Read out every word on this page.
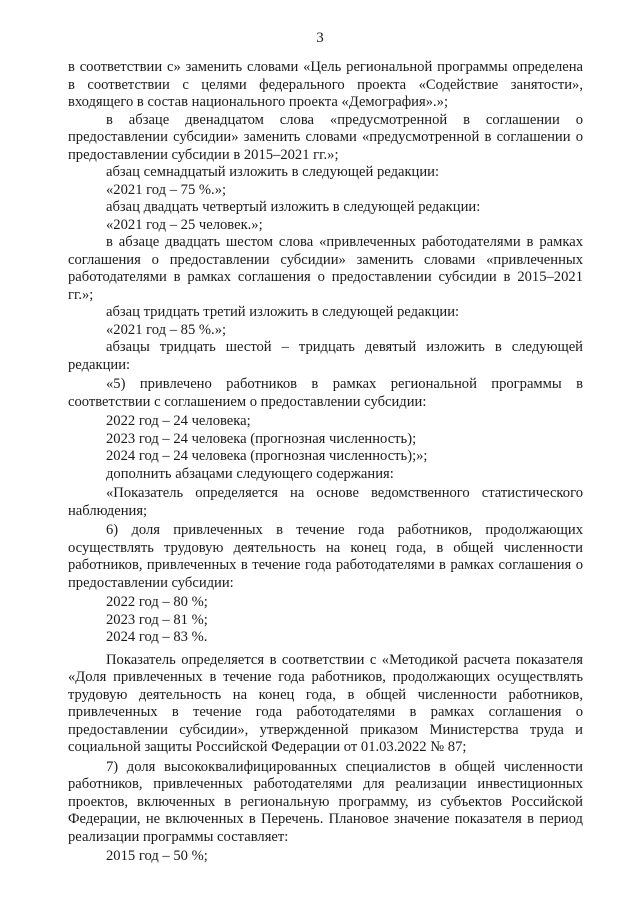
3

в соответствии с» заменить словами «Цель региональной программы определена в соответствии с целями федерального проекта «Содействие занятости», входящего в состав национального проекта «Демография».»;

в абзаце двенадцатом слова «предусмотренной в соглашении о предоставлении субсидии» заменить словами «предусмотренной в соглашении о предоставлении субсидии в 2015–2021 гг.»;

абзац семнадцатый изложить в следующей редакции:

«2021 год – 75 %.»;

абзац двадцать четвертый изложить в следующей редакции:

«2021 год – 25 человек.»;

в абзаце двадцать шестом слова «привлеченных работодателями в рамках соглашения о предоставлении субсидии» заменить словами «привлеченных работодателями в рамках соглашения о предоставлении субсидии в 2015–2021 гг.»;

абзац тридцать третий изложить в следующей редакции:

«2021 год – 85 %.»;

абзацы тридцать шестой – тридцать девятый изложить в следующей редакции:

«5) привлечено работников в рамках региональной программы в соответствии с соглашением о предоставлении субсидии:

2022 год – 24 человека;

2023 год – 24 человека (прогнозная численность);

2024 год – 24 человека (прогнозная численность);»;

дополнить абзацами следующего содержания:

«Показатель определяется на основе ведомственного статистического наблюдения;

6) доля привлеченных в течение года работников, продолжающих осуществлять трудовую деятельность на конец года, в общей численности работников, привлеченных в течение года работодателями в рамках соглашения о предоставлении субсидии:

2022 год – 80 %;

2023 год – 81 %;

2024 год – 83 %.

Показатель определяется в соответствии с «Методикой расчета показателя «Доля привлеченных в течение года работников, продолжающих осуществлять трудовую деятельность на конец года, в общей численности работников, привлеченных в течение года работодателями в рамках соглашения о предоставлении субсидии», утвержденной приказом Министерства труда и социальной защиты Российской Федерации от 01.03.2022 № 87;

7) доля высококвалифицированных специалистов в общей численности работников, привлеченных работодателями для реализации инвестиционных проектов, включенных в региональную программу, из субъектов Российской Федерации, не включенных в Перечень. Плановое значение показателя в период реализации программы составляет:

2015 год – 50 %;
